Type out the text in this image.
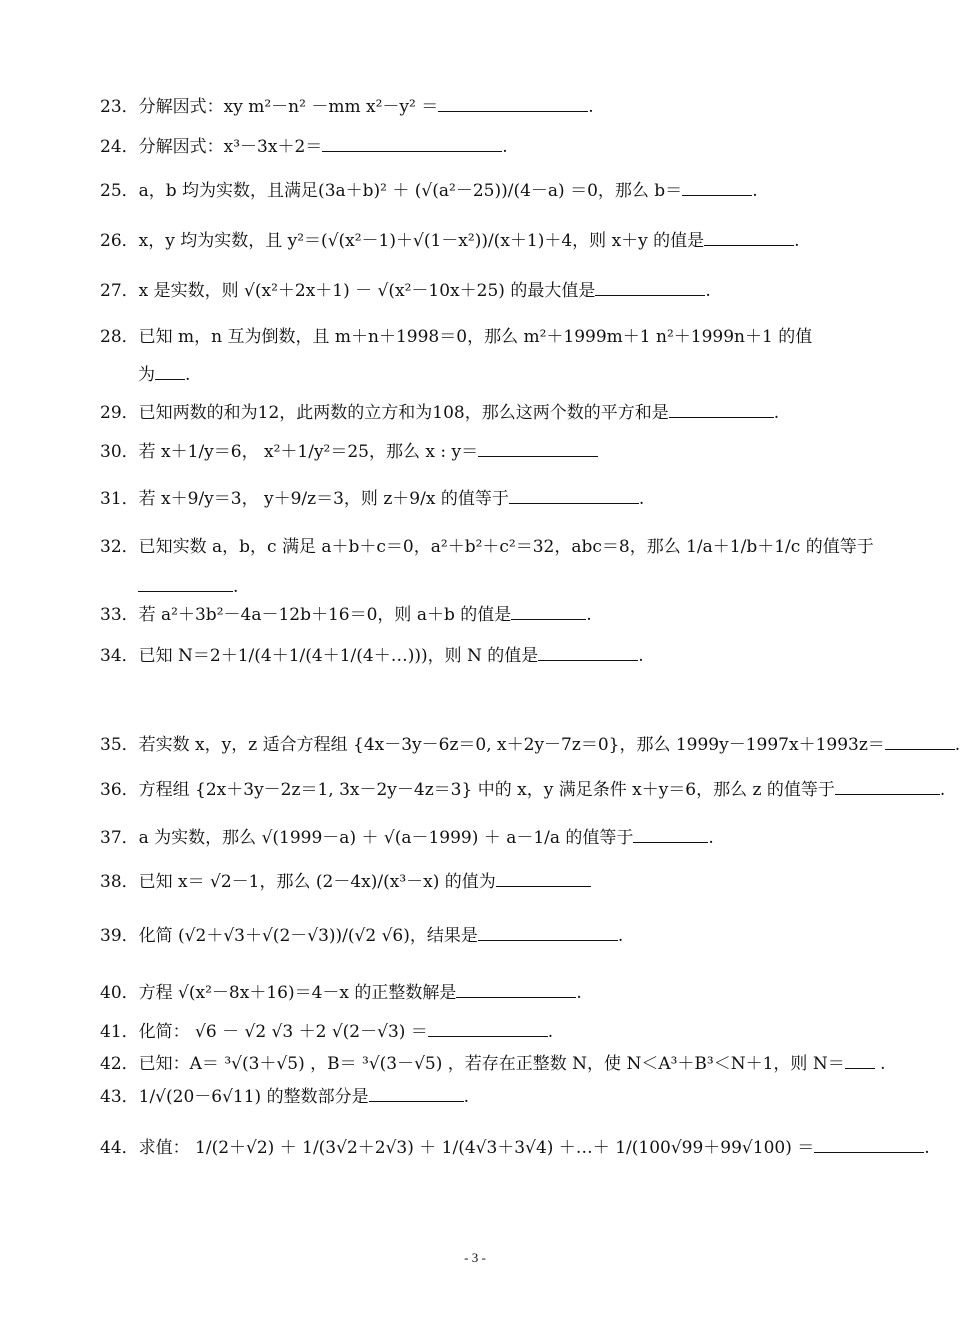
23．分解因式：xy m²－n² －mm x²－y² ＝	.
24．分解因式：x³－3x＋2＝	.
25．a，b 均为实数，且满足(3a＋b)² ＋ (√(a²－25))/(4－a) ＝0，那么 b＝	.
26．x，y 均为实数，且 y²＝(√(x²－1)＋√(1－x²))/(x＋1)＋4，则 x＋y 的值是	.
27．x 是实数，则 √(x²＋2x＋1) － √(x²－10x＋25) 的最大值是	.
28．已知 m，n 互为倒数，且 m＋n＋1998＝0，那么 m²＋1999m＋1 n²＋1999n＋1 的值
为 .
29．已知两数的和为12，此两数的立方和为108，那么这两个数的平方和是	.
30．若 x＋1/y＝6， x²＋1/y²＝25，那么 x : y＝
31．若 x＋9/y＝3， y＋9/z＝3，则 z＋9/x 的值等于	.
32．已知实数 a，b，c 满足 a＋b＋c＝0，a²＋b²＋c²＝32，abc＝8，那么 1/a＋1/b＋1/c 的值等于
.
33．若 a²＋3b²－4a－12b＋16＝0，则 a＋b 的值是	.
34．已知 N＝2＋1/(4＋1/(4＋1/(4＋…)))，则 N 的值是	.
35．若实数 x，y，z 适合方程组 {4x－3y－6z＝0, x＋2y－7z＝0}，那么 1999y－1997x＋1993z＝	.
36．方程组 {2x＋3y－2z＝1, 3x－2y－4z＝3} 中的 x，y 满足条件 x＋y＝6，那么 z 的值等于	.
37．a 为实数，那么 √(1999－a) ＋ √(a－1999) ＋ a－1/a 的值等于	.
38．已知 x＝ √2－1，那么 (2－4x)/(x³－x) 的值为
39．化简 (√2＋√3＋√(2－√3))/(√2 √6)，结果是	.
40．方程 √(x²－8x＋16)＝4－x 的正整数解是	.
41．化简： √6 － √2 √3 ＋2 √(2－√3) ＝	.
42．已知：A＝ ³√(3＋√5) ，B＝ ³√(3－√5) ，若存在正整数 N，使 N＜A³＋B³＜N＋1，则 N＝ .
43．1/√(20－6√11) 的整数部分是	.
44．求值： 1/(2＋√2) ＋ 1/(3√2＋2√3) ＋ 1/(4√3＋3√4) ＋…＋ 1/(100√99＋99√100) ＝	.
- 3 -
